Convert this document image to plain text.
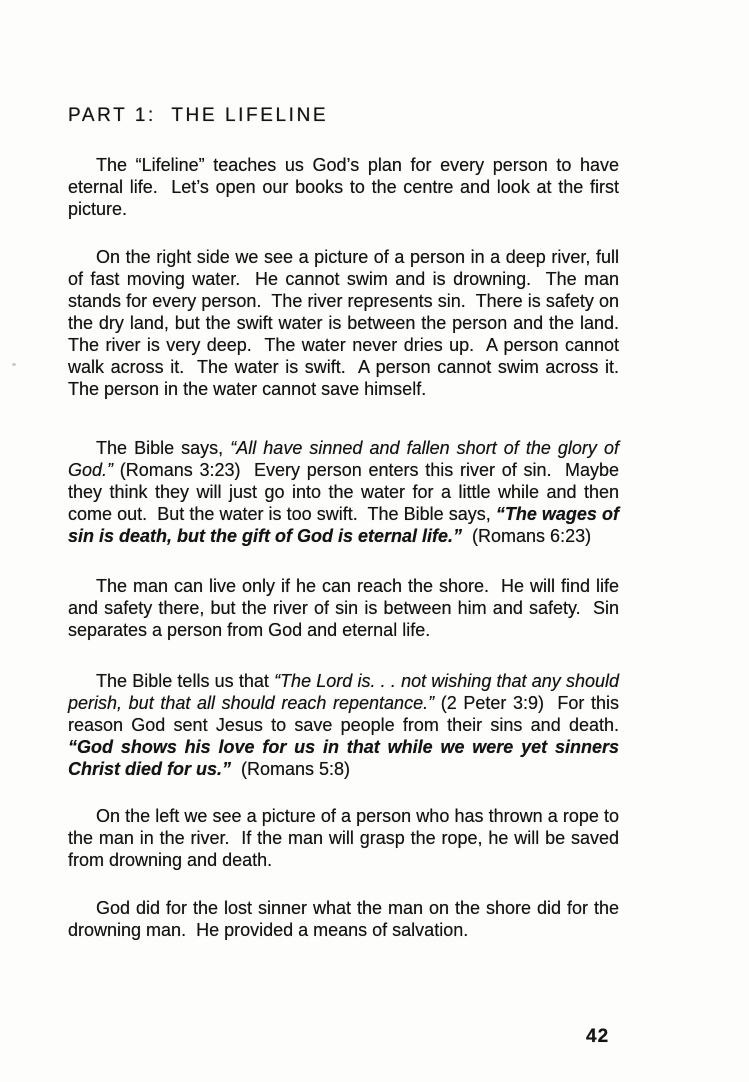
PART 1:  THE LIFELINE

The “Lifeline” teaches us God’s plan for every person to have eternal life.  Let’s open our books to the centre and look at the first picture.

On the right side we see a picture of a person in a deep river, full of fast moving water.  He cannot swim and is drowning.  The man stands for every person.  The river represents sin.  There is safety on the dry land, but the swift water is between the person and the land.  The river is very deep.  The water never dries up.  A person cannot walk across it.  The water is swift.  A person cannot swim across it.  The person in the water cannot save himself.

The Bible says, “All have sinned and fallen short of the glory of God.” (Romans 3:23)  Every person enters this river of sin.  Maybe they think they will just go into the water for a little while and then come out.  But the water is too swift.  The Bible says, “The wages of sin is death, but the gift of God is eternal life.”  (Romans 6:23)

The man can live only if he can reach the shore.  He will find life and safety there, but the river of sin is between him and safety.  Sin separates a person from God and eternal life.

The Bible tells us that “The Lord is. . . not wishing that any should perish, but that all should reach repentance.” (2 Peter 3:9)  For this reason God sent Jesus to save people from their sins and death.  “God shows his love for us in that while we were yet sinners Christ died for us.”  (Romans 5:8)

On the left we see a picture of a person who has thrown a rope to the man in the river.  If the man will grasp the rope, he will be saved from drowning and death.

God did for the lost sinner what the man on the shore did for the drowning man.  He provided a means of salvation.

42
